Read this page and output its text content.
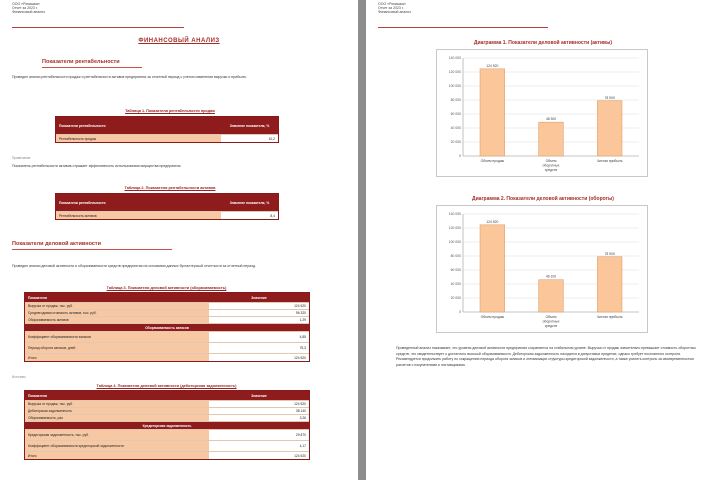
ООО «Ромашка»
Отчет за 2023 г.
Финансовый анализ
ФИНАНСОВЫЙ АНАЛИЗ
Показатели рентабельности
Проведен анализ рентабельности продаж и рентабельности активов предприятия за отчетный период с учетом изменения выручки и прибыли.
Таблица 1. Показатели рентабельности продаж
Показатели рентабельности	Значение показателя, %
Рентабельность продаж	10,2
Примечание
Показатель рентабельности активов отражает эффективность использования имущества предприятия.
Таблица 2. Показатели рентабельности активов
Показатели рентабельности	Значение показателя, %
Рентабельность активов	8,4
Показатели деловой активности
Проведен анализ деловой активности и оборачиваемости средств предприятия на основании данных бухгалтерской отчетности за отчетный период.
Таблица 3. Показатели деловой активности (оборачиваемость)
Показатели	Значение
Выручка от продаж, тыс. руб.	124 520
Среднегодовая стоимость активов, тыс. руб.	96 320
Оборачиваемость активов	1,29
Оборачиваемость запасов
Коэффициент оборачиваемости запасов	4,85
Период оборота запасов, дней	75,3
Итого	124 520
Источник
Таблица 4. Показатели деловой активности (дебиторская задолженность)
Показатели	Значение
Выручка от продаж, тыс. руб.	124 520
Дебиторская задолженность	38 140
Оборачиваемость, раз	3,26
Кредиторская задолженность
Кредиторская задолженность, тыс. руб.	29 870
Коэффициент оборачиваемости кредиторской задолженности	4,17
Итого	124 520
ООО «Ромашка»
Отчет за 2023 г.
Финансовый анализ
Диаграмма 1. Показатели деловой активности (активы)
0
20 000
40 000
60 000
80 000
100 000
120 000
140 000
124 520
Объем продаж
48 300
Объем
оборотных
средств
78 900
Чистая прибыль
Диаграмма 2. Показатели деловой активности (обороты)
0
20 000
40 000
60 000
80 000
100 000
120 000
140 000
124 520
Объем продаж
46 100
Объем
оборотных
средств
78 900
Чистая прибыль
Проведенный анализ показывает, что уровень деловой активности предприятия сохраняется на стабильном уровне. Выручка от продаж значительно превышает стоимость оборотных средств, что свидетельствует о достаточно высокой оборачиваемости. Дебиторская задолженность находится в допустимых пределах, однако требует постоянного контроля. Рекомендуется продолжить работу по сокращению периода оборота запасов и оптимизации структуры кредиторской задолженности, а также усилить контроль за своевременностью расчетов с покупателями и поставщиками.
